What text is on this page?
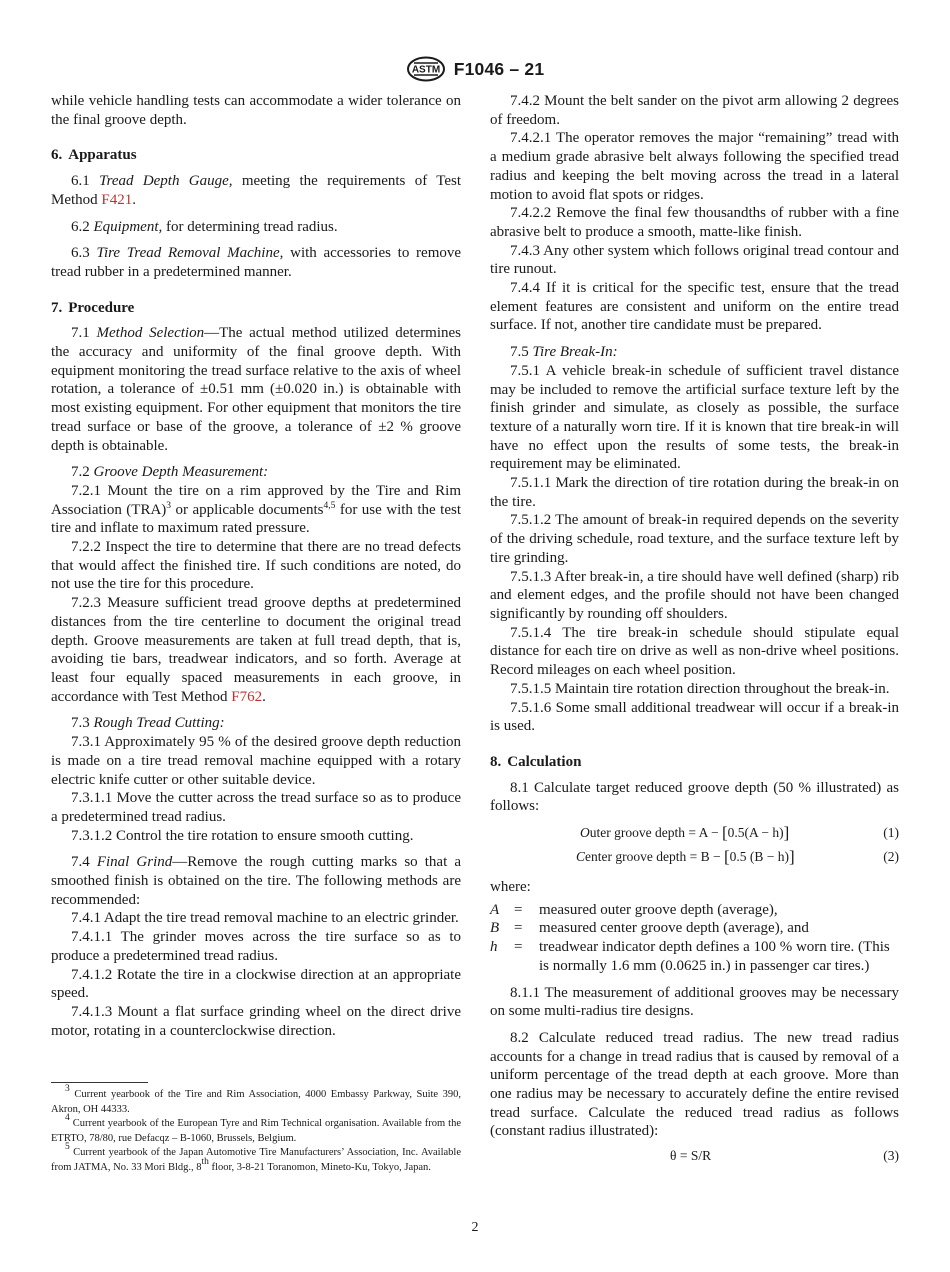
ASTM F1046 – 21

while vehicle handling tests can accommodate a wider tolerance on the final groove depth.

6. Apparatus

6.1 Tread Depth Gauge, meeting the requirements of Test Method F421.

6.2 Equipment, for determining tread radius.

6.3 Tire Tread Removal Machine, with accessories to remove tread rubber in a predetermined manner.

7. Procedure

7.1 Method Selection—The actual method utilized determines the accuracy and uniformity of the final groove depth. With equipment monitoring the tread surface relative to the axis of wheel rotation, a tolerance of ±0.51 mm (±0.020 in.) is obtainable with most existing equipment. For other equipment that monitors the tire tread surface or base of the groove, a tolerance of ±2 % groove depth is obtainable.

7.2 Groove Depth Measurement:

7.2.1 Mount the tire on a rim approved by the Tire and Rim Association (TRA)$^3$ or applicable documents$^{4,5}$ for use with the test tire and inflate to maximum rated pressure.

7.2.2 Inspect the tire to determine that there are no tread defects that would affect the finished tire. If such conditions are noted, do not use the tire for this procedure.

7.2.3 Measure sufficient tread groove depths at predetermined distances from the tire centerline to document the original tread depth. Groove measurements are taken at full tread depth, that is, avoiding tie bars, treadwear indicators, and so forth. Average at least four equally spaced measurements in each groove, in accordance with Test Method F762.

7.3 Rough Tread Cutting:

7.3.1 Approximately 95 % of the desired groove depth reduction is made on a tire tread removal machine equipped with a rotary electric knife cutter or other suitable device.

7.3.1.1 Move the cutter across the tread surface so as to produce a predetermined tread radius.

7.3.1.2 Control the tire rotation to ensure smooth cutting.

7.4 Final Grind—Remove the rough cutting marks so that a smoothed finish is obtained on the tire. The following methods are recommended:

7.4.1 Adapt the tire tread removal machine to an electric grinder.

7.4.1.1 The grinder moves across the tire surface so as to produce a predetermined tread radius.

7.4.1.2 Rotate the tire in a clockwise direction at an appropriate speed.

7.4.1.3 Mount a flat surface grinding wheel on the direct drive motor, rotating in a counterclockwise direction.

$^3$ Current yearbook of the Tire and Rim Association, 4000 Embassy Parkway, Suite 390, Akron, OH 44333.

$^4$ Current yearbook of the European Tyre and Rim Technical organisation. Available from the ETRTO, 78/80, rue Defacqz – B-1060, Brussels, Belgium.

$^5$ Current yearbook of the Japan Automotive Tire Manufacturers’ Association, Inc. Available from JATMA, No. 33 Mori Bldg., 8th floor, 3-8-21 Toranomon, Mineto-Ku, Tokyo, Japan.

7.4.2 Mount the belt sander on the pivot arm allowing 2 degrees of freedom.

7.4.2.1 The operator removes the major “remaining” tread with a medium grade abrasive belt always following the specified tread radius and keeping the belt moving across the tread in a lateral motion to avoid flat spots or ridges.

7.4.2.2 Remove the final few thousandths of rubber with a fine abrasive belt to produce a smooth, matte-like finish.

7.4.3 Any other system which follows original tread contour and tire runout.

7.4.4 If it is critical for the specific test, ensure that the tread element features are consistent and uniform on the entire tread surface. If not, another tire candidate must be prepared.

7.5 Tire Break-In:

7.5.1 A vehicle break-in schedule of sufficient travel distance may be included to remove the artificial surface texture left by the finish grinder and simulate, as closely as possible, the surface texture of a naturally worn tire. If it is known that tire break-in will have no effect upon the results of some tests, the break-in requirement may be eliminated.

7.5.1.1 Mark the direction of tire rotation during the break-in on the tire.

7.5.1.2 The amount of break-in required depends on the severity of the driving schedule, road texture, and the surface texture left by tire grinding.

7.5.1.3 After break-in, a tire should have well defined (sharp) rib and element edges, and the profile should not have been changed significantly by rounding off shoulders.

7.5.1.4 The tire break-in schedule should stipulate equal distance for each tire on drive as well as non-drive wheel positions. Record mileages on each wheel position.

7.5.1.5 Maintain tire rotation direction throughout the break-in.

7.5.1.6 Some small additional treadwear will occur if a break-in is used.

8. Calculation

8.1 Calculate target reduced groove depth (50 % illustrated) as follows:

Outer groove depth = A − [0.5(A − h)]	(1)
Center groove depth = B − [0.5 (B − h)]	(2)

where:

A =	measured outer groove depth (average),
B =	measured center groove depth (average), and
h	=	treadwear indicator depth defines a 100 % worn tire. (This is normally 1.6 mm (0.0625 in.) in passenger car tires.)

8.1.1 The measurement of additional grooves may be necessary on some multi-radius tire designs.

8.2 Calculate reduced tread radius. The new tread radius accounts for a change in tread radius that is caused by removal of a uniform percentage of the tread depth at each groove. More than one radius may be necessary to accurately define the entire revised tread surface. Calculate the reduced tread radius as follows (constant radius illustrated):

θ = S/R	(3)
2
